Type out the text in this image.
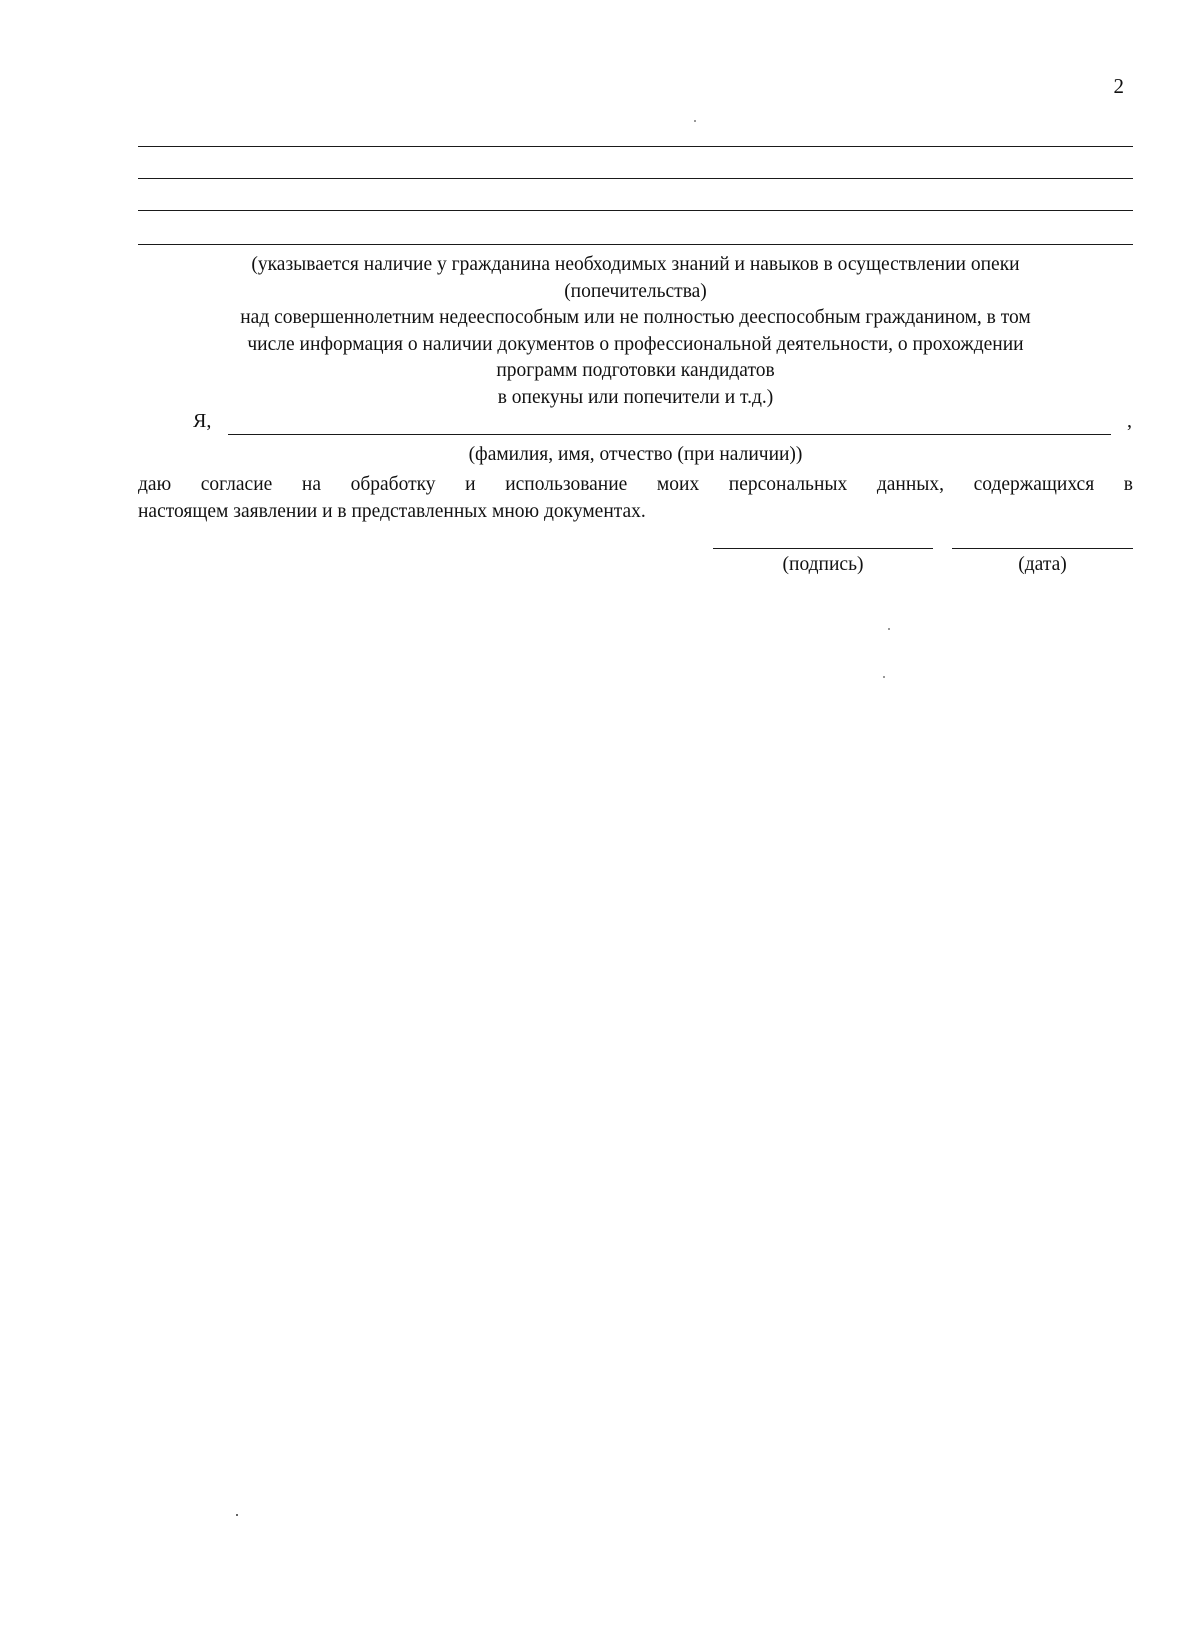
2
(указывается наличие у гражданина необходимых знаний и навыков в осуществлении опеки
(попечительства)
над совершеннолетним недееспособным или не полностью дееспособным гражданином, в том
числе информация о наличии документов о профессиональной деятельности, о прохождении
программ подготовки кандидатов
в опекуны или попечители и т.д.)
Я,	,
(фамилия, имя, отчество (при наличии))
даю согласие на обработку и использование моих персональных данных, содержащихся в
настоящем заявлении и в представленных мною документах.
(подпись)	(дата)
